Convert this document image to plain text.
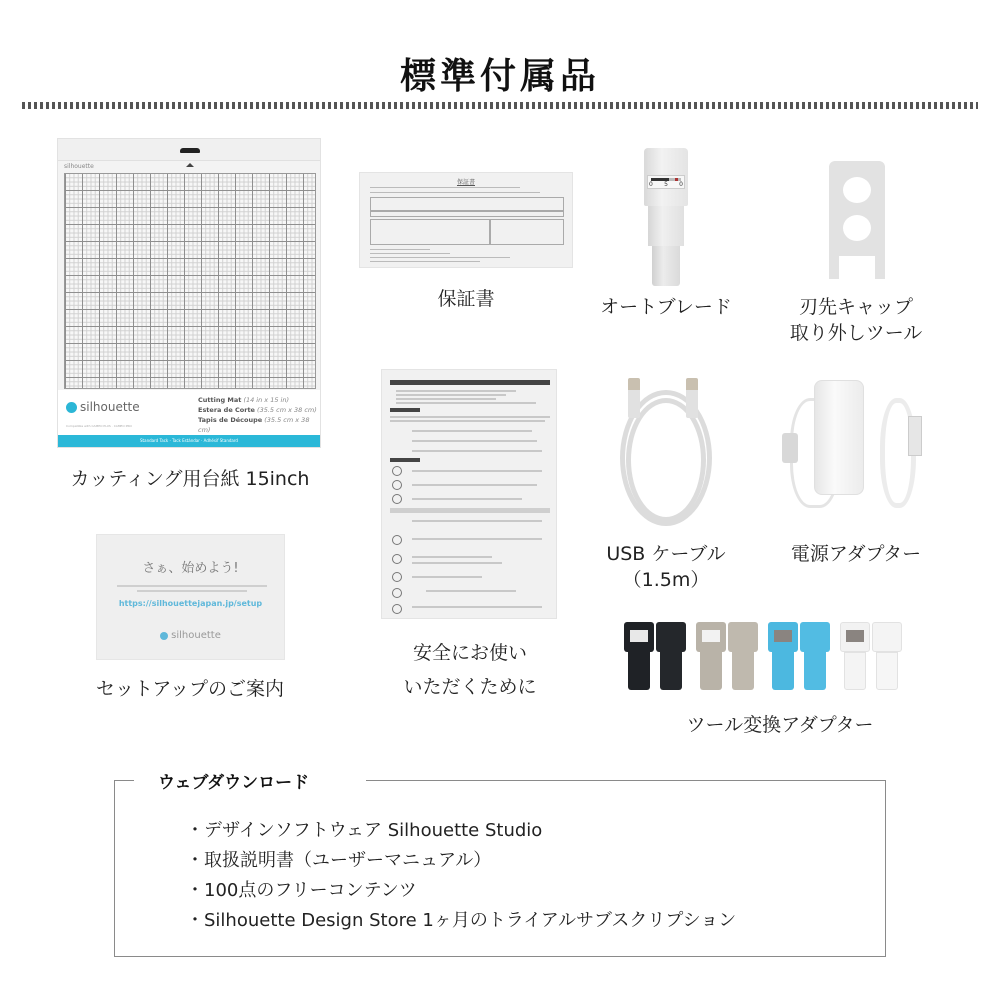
標準付属品
silhouette
silhouette
Compatible with CAMEO PLUS · CAMEO PRO
Cutting Mat (14 in x 15 in)
Estera de Corte (35.5 cm x 38 cm)
Tapis de Découpe (35.5 cm x 38 cm)
Standard Tack · Tack Estándar · Adhésif Standard
カッティング用台紙 15inch
保証書
保証書
0 5 0
オートブレード	刃先キャップ
取り外しツール
安全にお使い
いただくために
USB ケーブル
（1.5m）
電源アダプター
さぁ、始めよう!
https://silhouettejapan.jp/setup
silhouette
セットアップのご案内
ツール変換アダプター
ウェブダウンロード
・デザインソフトウェア Silhouette Studio
・取扱説明書（ユーザーマニュアル）
・100点のフリーコンテンツ
・Silhouette Design Store 1ヶ月のトライアルサブスクリプション
